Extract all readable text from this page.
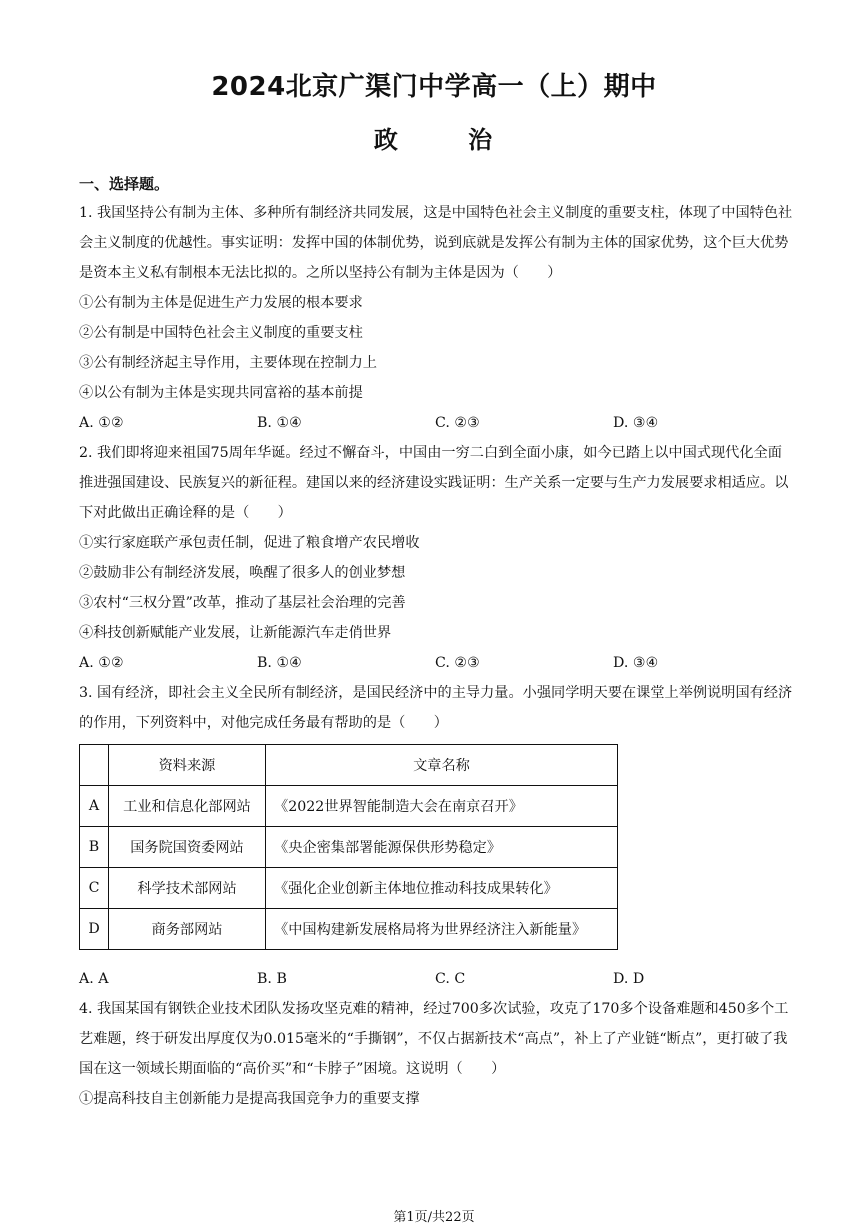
2024北京广渠门中学高一（上）期中
政 治
一、选择题。

1. 我国坚持公有制为主体、多种所有制经济共同发展，这是中国特色社会主义制度的重要支柱，体现了中国特色社会主义制度的优越性。事实证明：发挥中国的体制优势，说到底就是发挥公有制为主体的国家优势，这个巨大优势是资本主义私有制根本无法比拟的。之所以坚持公有制为主体是因为（　　）

①公有制为主体是促进生产力发展的根本要求
②公有制是中国特色社会主义制度的重要支柱
③公有制经济起主导作用，主要体现在控制力上
④以公有制为主体是实现共同富裕的基本前提
A. ①②	B. ①④	C. ②③	D. ③④

2. 我们即将迎来祖国75周年华诞。经过不懈奋斗，中国由一穷二白到全面小康，如今已踏上以中国式现代化全面推进强国建设、民族复兴的新征程。建国以来的经济建设实践证明：生产关系一定要与生产力发展要求相适应。以下对此做出正确诠释的是（　　）

①实行家庭联产承包责任制，促进了粮食增产农民增收
②鼓励非公有制经济发展，唤醒了很多人的创业梦想
③农村“三权分置”改革，推动了基层社会治理的完善
④科技创新赋能产业发展，让新能源汽车走俏世界
A. ①②	B. ①④	C. ②③	D. ③④

3. 国有经济，即社会主义全民所有制经济，是国民经济中的主导力量。小强同学明天要在课堂上举例说明国有经济的作用，下列资料中，对他完成任务最有帮助的是（　　）

	资料来源	文章名称
A	工业和信息化部网站	《2022世界智能制造大会在南京召开》
B	国务院国资委网站	《央企密集部署能源保供形势稳定》
C	科学技术部网站	《强化企业创新主体地位推动科技成果转化》
D	商务部网站	《中国构建新发展格局将为世界经济注入新能量》
A. A	B. B	C. C	D. D

4. 我国某国有钢铁企业技术团队发扬攻坚克难的精神，经过700多次试验，攻克了170多个设备难题和450多个工艺难题，终于研发出厚度仅为0.015毫米的“手撕钢”，不仅占据新技术“高点”，补上了产业链“断点”，更打破了我国在这一领域长期面临的“高价买”和“卡脖子”困境。这说明（　　）

①提高科技自主创新能力是提高我国竞争力的重要支撑
第1页/共22页
